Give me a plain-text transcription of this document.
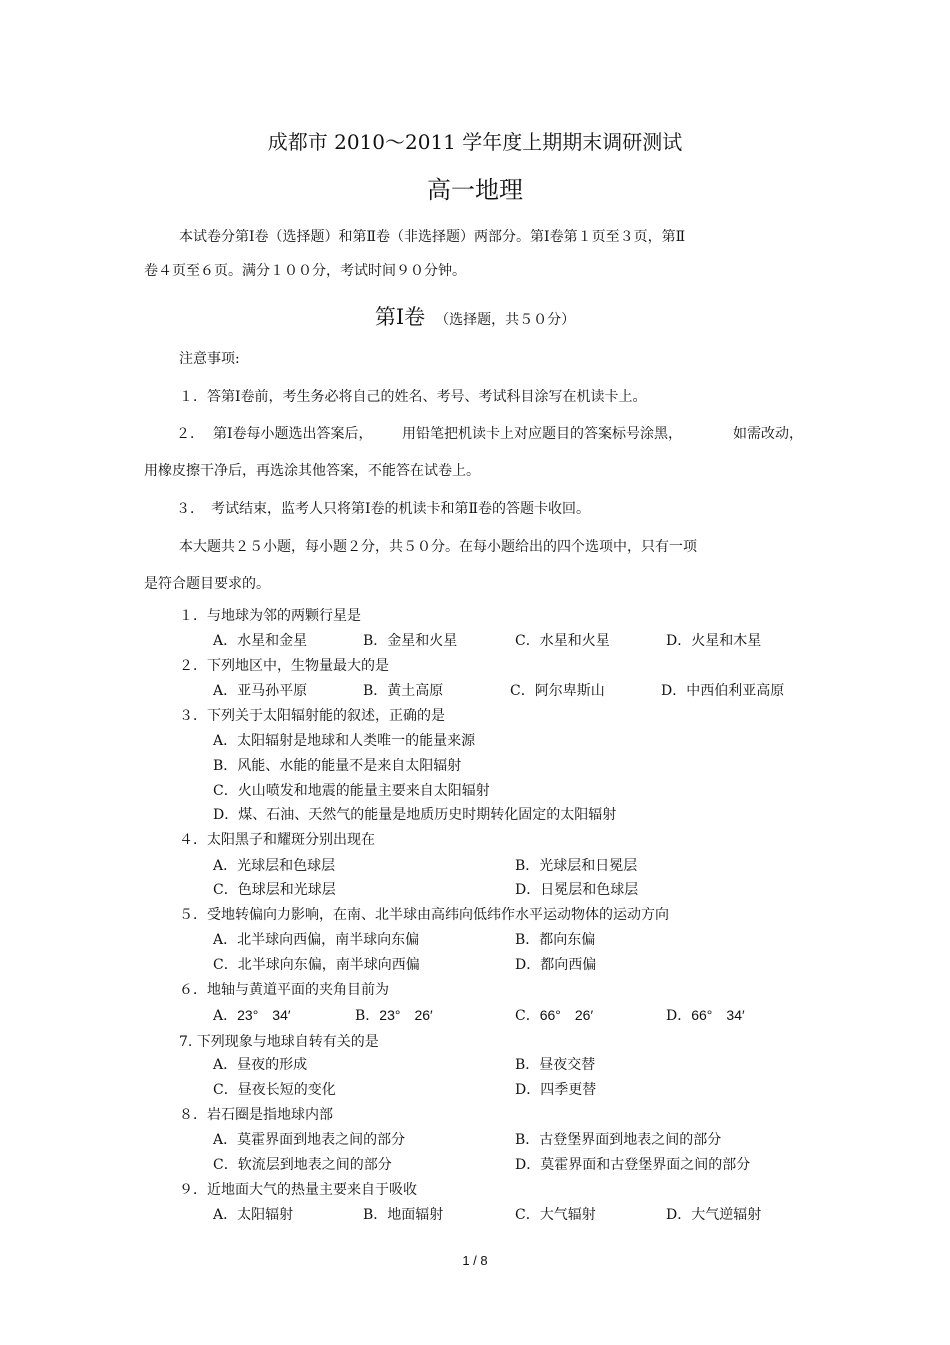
成都市 2010～2011 学年度上期期末调研测试
高一地理
本试卷分第Ⅰ卷（选择题）和第Ⅱ卷（非选择题）两部分。第Ⅰ卷第１页至３页，第Ⅱ
卷４页至６页。满分１００分，考试时间９０分钟。
第Ⅰ卷 （选择题，共５０分）
注意事项:
１．答第Ⅰ卷前，考生务必将自己的姓名、考号、考试科目涂写在机读卡上。
２． 第Ⅰ卷每小题选出答案后， 用铅笔把机读卡上对应题目的答案标号涂黑，	如需改动，
用橡皮擦干净后，再选涂其他答案，不能答在试卷上。
３． 考试结束，监考人只将第Ⅰ卷的机读卡和第Ⅱ卷的答题卡收回。
本大题共２５小题，每小题２分，共５０分。在每小题给出的四个选项中，只有一项
是符合题目要求的。
１．与地球为邻的两颗行星是
A．水星和金星	B．金星和火星	C．水星和火星	D．火星和木星
２．下列地区中，生物量最大的是
A．亚马孙平原	B．黄土高原	C．阿尔卑斯山	D．中西伯利亚高原
３．下列关于太阳辐射能的叙述，正确的是
A．太阳辐射是地球和人类唯一的能量来源
B．风能、水能的能量不是来自太阳辐射
C．火山喷发和地震的能量主要来自太阳辐射
D．煤、石油、天然气的能量是地质历史时期转化固定的太阳辐射
４．太阳黑子和耀斑分别出现在
A．光球层和色球层	B．光球层和日冕层
C．色球层和光球层	D．日冕层和色球层
５．受地转偏向力影响，在南、北半球由高纬向低纬作水平运动物体的运动方向
A．北半球向西偏，南半球向东偏	B．都向东偏
C．北半球向东偏，南半球向西偏	D．都向西偏
６．地轴与黄道平面的夹角目前为
A．23°　34′	B．23°　26′	C．66°　26′	D．66°　34′
7. 下列现象与地球自转有关的是
A．昼夜的形成	B．昼夜交替
C．昼夜长短的变化	D．四季更替
８．岩石圈是指地球内部
A．莫霍界面到地表之间的部分	B．古登堡界面到地表之间的部分
C．软流层到地表之间的部分	D．莫霍界面和古登堡界面之间的部分
９．近地面大气的热量主要来自于吸收
A．太阳辐射	B．地面辐射	C．大气辐射	D．大气逆辐射
1 / 8
